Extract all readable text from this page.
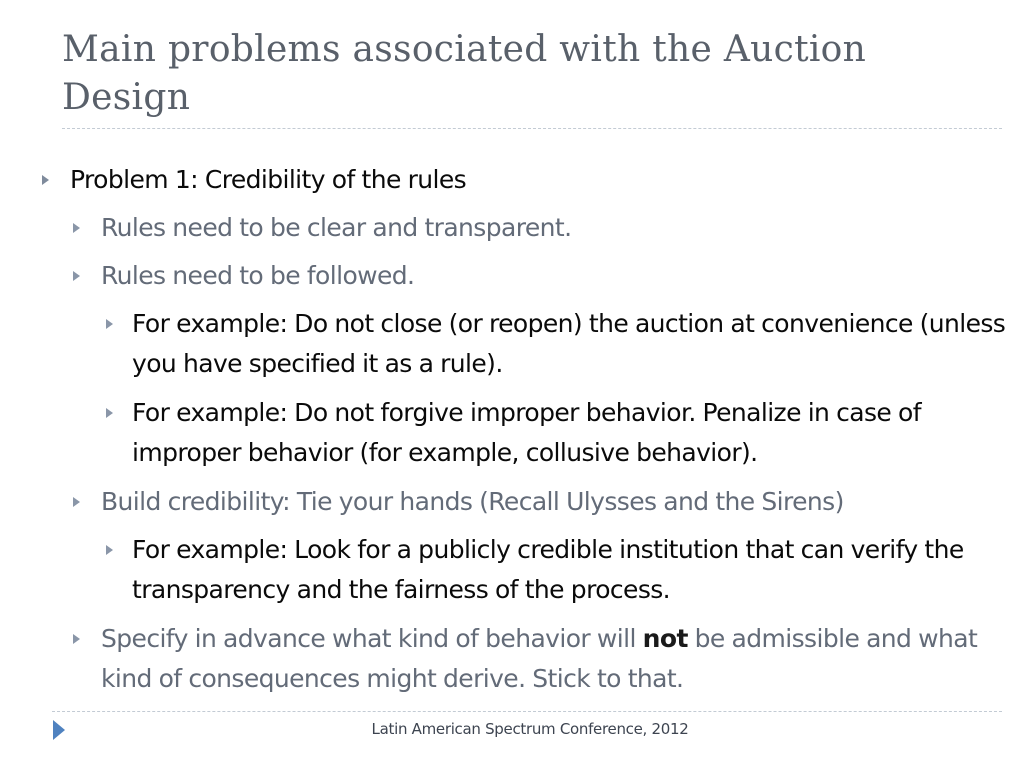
Main problems associated with the Auction Design
Problem 1: Credibility of the rules
Rules need to be clear and transparent.
Rules need to be followed.
For example: Do not close (or reopen) the auction at convenience (unless you have specified it as a rule).
For example: Do not forgive improper behavior. Penalize in case of improper behavior (for example, collusive behavior).
Build credibility: Tie your hands (Recall Ulysses and the Sirens)
For example: Look for a publicly credible institution that can verify the transparency and the fairness of the process.
Specify in advance what kind of behavior will not be admissible and what kind of consequences might derive. Stick to that.
Latin American Spectrum Conference, 2012
